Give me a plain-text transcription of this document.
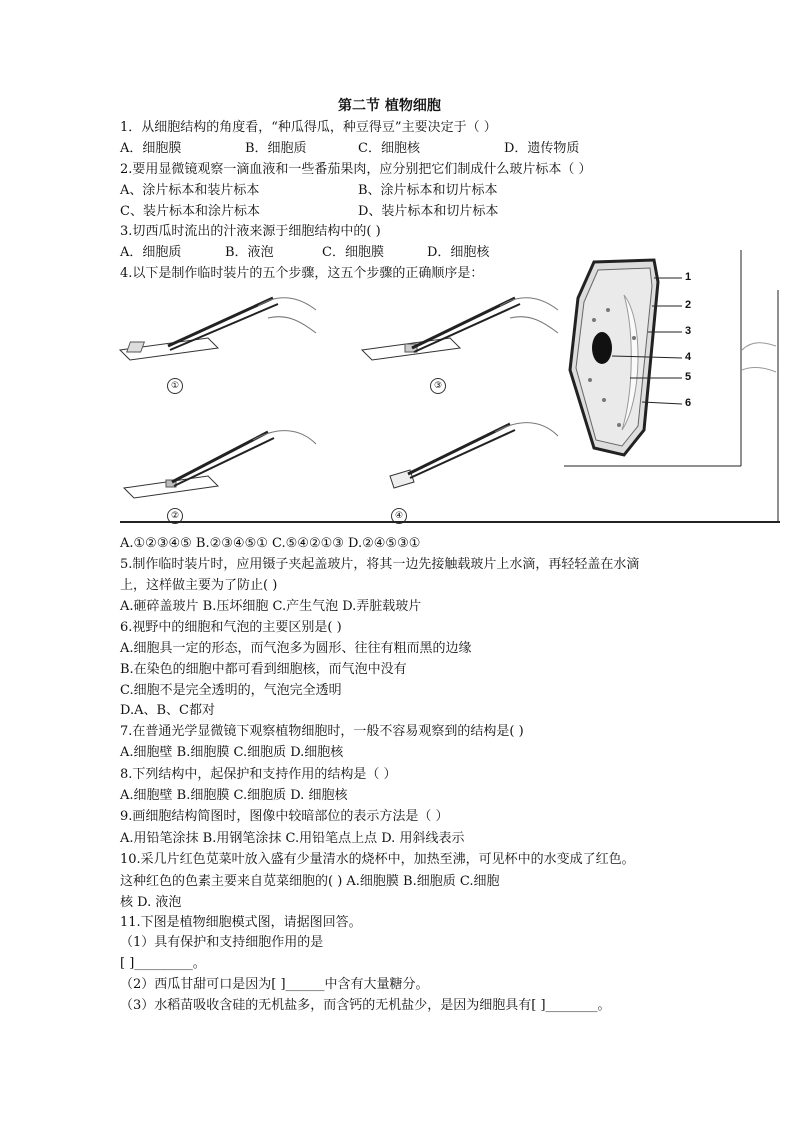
第二节 植物细胞
1．从细胞结构的角度看，“种瓜得瓜，种豆得豆”主要决定于（ ）
A．细胞膜	B．细胞质	C．细胞核	D．遗传物质
2.要用显微镜观察一滴血液和一些番茄果肉，应分别把它们制成什么玻片标本（ ）
A、涂片标本和装片标本	B、涂片标本和切片标本
C、装片标本和涂片标本	D、装片标本和切片标本
3.切西瓜时流出的汁液来源于细胞结构中的( )
A．细胞质	B．液泡	C．细胞膜	D．细胞核
4.以下是制作临时装片的五个步骤，这五个步骤的正确顺序是：
①	③
②	④
1
2
3
4
5
6
A.①②③④⑤ B.②③④⑤① C.⑤④②①③ D.②④⑤③①
5.制作临时装片时，应用镊子夹起盖玻片，将其一边先接触载玻片上水滴，再轻轻盖在水滴
上，这样做主要为了防止( )
A.砸碎盖玻片 B.压坏细胞 C.产生气泡 D.弄脏载玻片
6.视野中的细胞和气泡的主要区别是( )
A.细胞具一定的形态，而气泡多为圆形、往往有粗而黑的边缘
B.在染色的细胞中都可看到细胞核，而气泡中没有
C.细胞不是完全透明的，气泡完全透明
D.A、B、C都对
7.在普通光学显微镜下观察植物细胞时，一般不容易观察到的结构是( )
A.细胞壁 B.细胞膜 C.细胞质 D.细胞核
8.下列结构中，起保护和支持作用的结构是（ ）
A.细胞壁 B.细胞膜 C.细胞质 D. 细胞核
9.画细胞结构简图时，图像中较暗部位的表示方法是（ ）
A.用铅笔涂抹 B.用钢笔涂抹 C.用铅笔点上点 D. 用斜线表示
10.采几片红色苋菜叶放入盛有少量清水的烧杯中，加热至沸，可见杯中的水变成了红色。
这种红色的色素主要来自苋菜细胞的( ) A.细胞膜 B.细胞质 C.细胞
核 D. 液泡
11.下图是植物细胞模式图，请据图回答。
（1）具有保护和支持细胞作用的是
[ ]_________。
（2）西瓜甘甜可口是因为[ ]______中含有大量糖分。
（3）水稻苗吸收含硅的无机盐多，而含钙的无机盐少，是因为细胞具有[ ]________。
